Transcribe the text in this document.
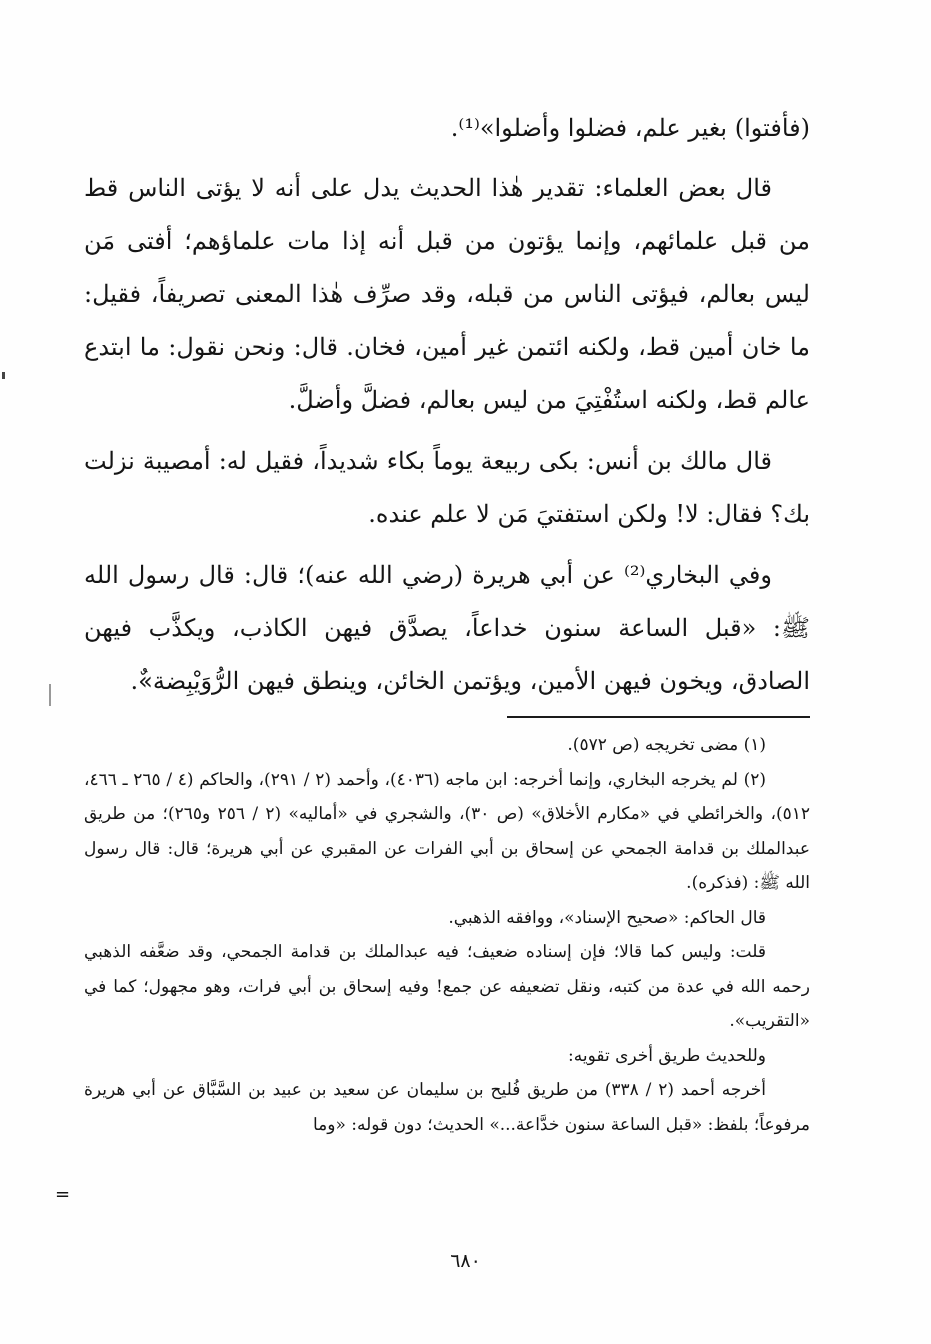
(فأفتوا) بغير علم، فضلوا وأضلوا»⁽¹⁾.

قال بعض العلماء: تقدير هٰذا الحديث يدل على أنه لا يؤتى الناس قط من قبل علمائهم، وإنما يؤتون من قبل أنه إذا مات علماؤهم؛ أفتى مَن ليس بعالم، فيؤتى الناس من قبله، وقد صرِّف هٰذا المعنى تصريفاً، فقيل: ما خان أمين قط، ولكنه ائتمن غير أمين، فخان. قال: ونحن نقول: ما ابتدع عالم قط، ولكنه استُفْتِيَ من ليس بعالم، فضلَّ وأضلَّ.

قال مالك بن أنس: بكى ربيعة يوماً بكاء شديداً، فقيل له: أمصيبة نزلت بك؟ فقال: لا! ولكن استفتيَ مَن لا علم عنده.

وفي البخاري⁽²⁾ عن أبي هريرة (رضي الله عنه)؛ قال: قال رسول الله ﷺ: «قبل الساعة سنون خداعاً، يصدَّق فيهن الكاذب، ويكذَّب فيهن الصادق، ويخون فيهن الأمين، ويؤتمن الخائن، وينطق فيهن الرُّوَيْبِضة»ٌ.

(١) مضى تخريجه (ص ٥٧٢).

(٢) لم يخرجه البخاري، وإنما أخرجه: ابن ماجه (٤٠٣٦)، وأحمد (٢ / ٢٩١)، والحاكم (٤ / ٢٦٥ ـ ٤٦٦، ٥١٢)، والخرائطي في «مكارم الأخلاق» (ص ٣٠)، والشجري في «أماليه» (٢ / ٢٥٦ و٢٦٥)؛ من طريق عبدالملك بن قدامة الجمحي عن إسحاق بن أبي الفرات عن المقبري عن أبي هريرة؛ قال: قال رسول الله ﷺ: (فذكره).

قال الحاكم: «صحيح الإسناد»، ووافقه الذهبي.

قلت: وليس كما قالا؛ فإن إسناده ضعيف؛ فيه عبدالملك بن قدامة الجمحي، وقد ضعَّفه الذهبي رحمه الله في عدة من كتبه، ونقل تضعيفه عن جمع! وفيه إسحاق بن أبي فرات، وهو مجهول؛ كما في «التقريب».

وللحديث طريق أخرى تقويه:

أخرجه أحمد (٢ / ٣٣٨) من طريق فُليح بن سليمان عن سعيد بن عبيد بن السَّبَّاق عن أبي هريرة مرفوعاً؛ بلفظ: «قبل الساعة سنون خدَّاعة...» الحديث؛ دون قوله: «وما

=
٦٨٠
